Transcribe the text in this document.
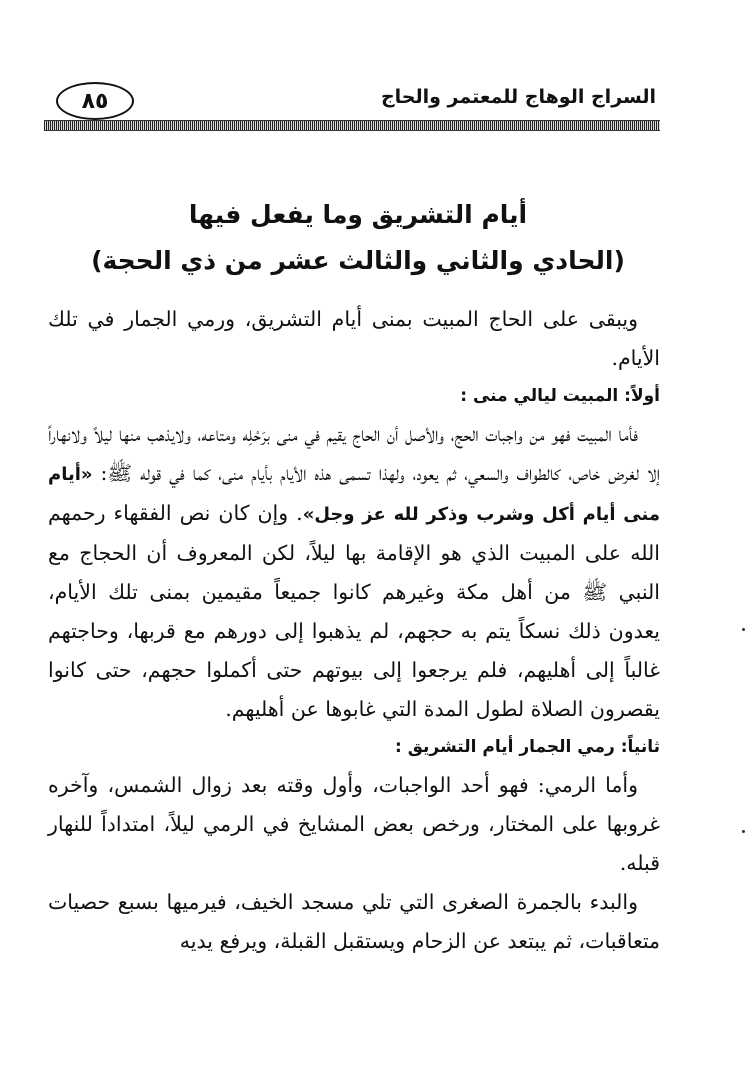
السراج الوهاج للمعتمر والحاج
٨٥
أيام التشريق وما يفعل فيها
(الحادي والثاني والثالث عشر من ذي الحجة)

ويبقى على الحاج المبيت بمنى أيام التشريق، ورمي الجمار في تلك الأيام.

أولاً: المبيت ليالي منى :

فأما المبيت فهو من واجبات الحج، والأصل أن الحاج يقيم في منى برَحْلِه ومتاعه، ولايذهب منها ليلاً ولانهاراً إلا لغرض خاص، كالطواف والسعي، ثم يعود، ولهذا تسمى هذه الأيام بأيام منى، كما في قوله ﷺ: «أيام منى أيام أكل وشرب وذكر لله عز وجل». وإن كان نص الفقهاء رحمهم الله على المبيت الذي هو الإقامة بها ليلاً، لكن المعروف أن الحجاج مع النبي ﷺ من أهل مكة وغيرهم كانوا جميعاً مقيمين بمنى تلك الأيام، يعدون ذلك نسكاً يتم به حجهم، لم يذهبوا إلى دورهم مع قربها، وحاجتهم غالباً إلى أهليهم، فلم يرجعوا إلى بيوتهم حتى أكملوا حجهم، حتى كانوا يقصرون الصلاة لطول المدة التي غابوها عن أهليهم.

ثانياً: رمي الجمار أيام التشريق :

وأما الرمي: فهو أحد الواجبات، وأول وقته بعد زوال الشمس، وآخره غروبها على المختار، ورخص بعض المشايخ في الرمي ليلاً، امتداداً للنهار قبله.

والبدء بالجمرة الصغرى التي تلي مسجد الخيف، فيرميها بسبع حصيات متعاقبات، ثم يبتعد عن الزحام ويستقبل القبلة، ويرفع يديه
